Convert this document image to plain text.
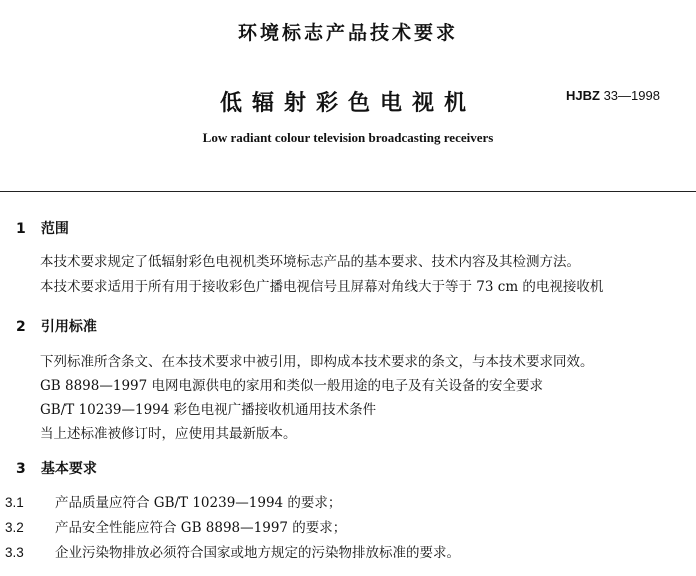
环境标志产品技术要求
低辐射彩色电视机	HJBZ 33—1998
Low radiant colour television broadcasting receivers
1 范围
本技术要求规定了低辐射彩色电视机类环境标志产品的基本要求、技术内容及其检测方法。
本技术要求适用于所有用于接收彩色广播电视信号且屏幕对角线大于等于 73 cm 的电视接收机
2 引用标准
下列标准所含条文、在本技术要求中被引用，即构成本技术要求的条文，与本技术要求同效。
GB 8898—1997 电网电源供电的家用和类似一般用途的电子及有关设备的安全要求
GB/T 10239—1994 彩色电视广播接收机通用技术条件
当上述标准被修订时，应使用其最新版本。
3 基本要求
3.1 产品质量应符合 GB/T 10239—1994 的要求；
3.2 产品安全性能应符合 GB 8898—1997 的要求；
3.3 企业污染物排放必须符合国家或地方规定的污染物排放标准的要求。
